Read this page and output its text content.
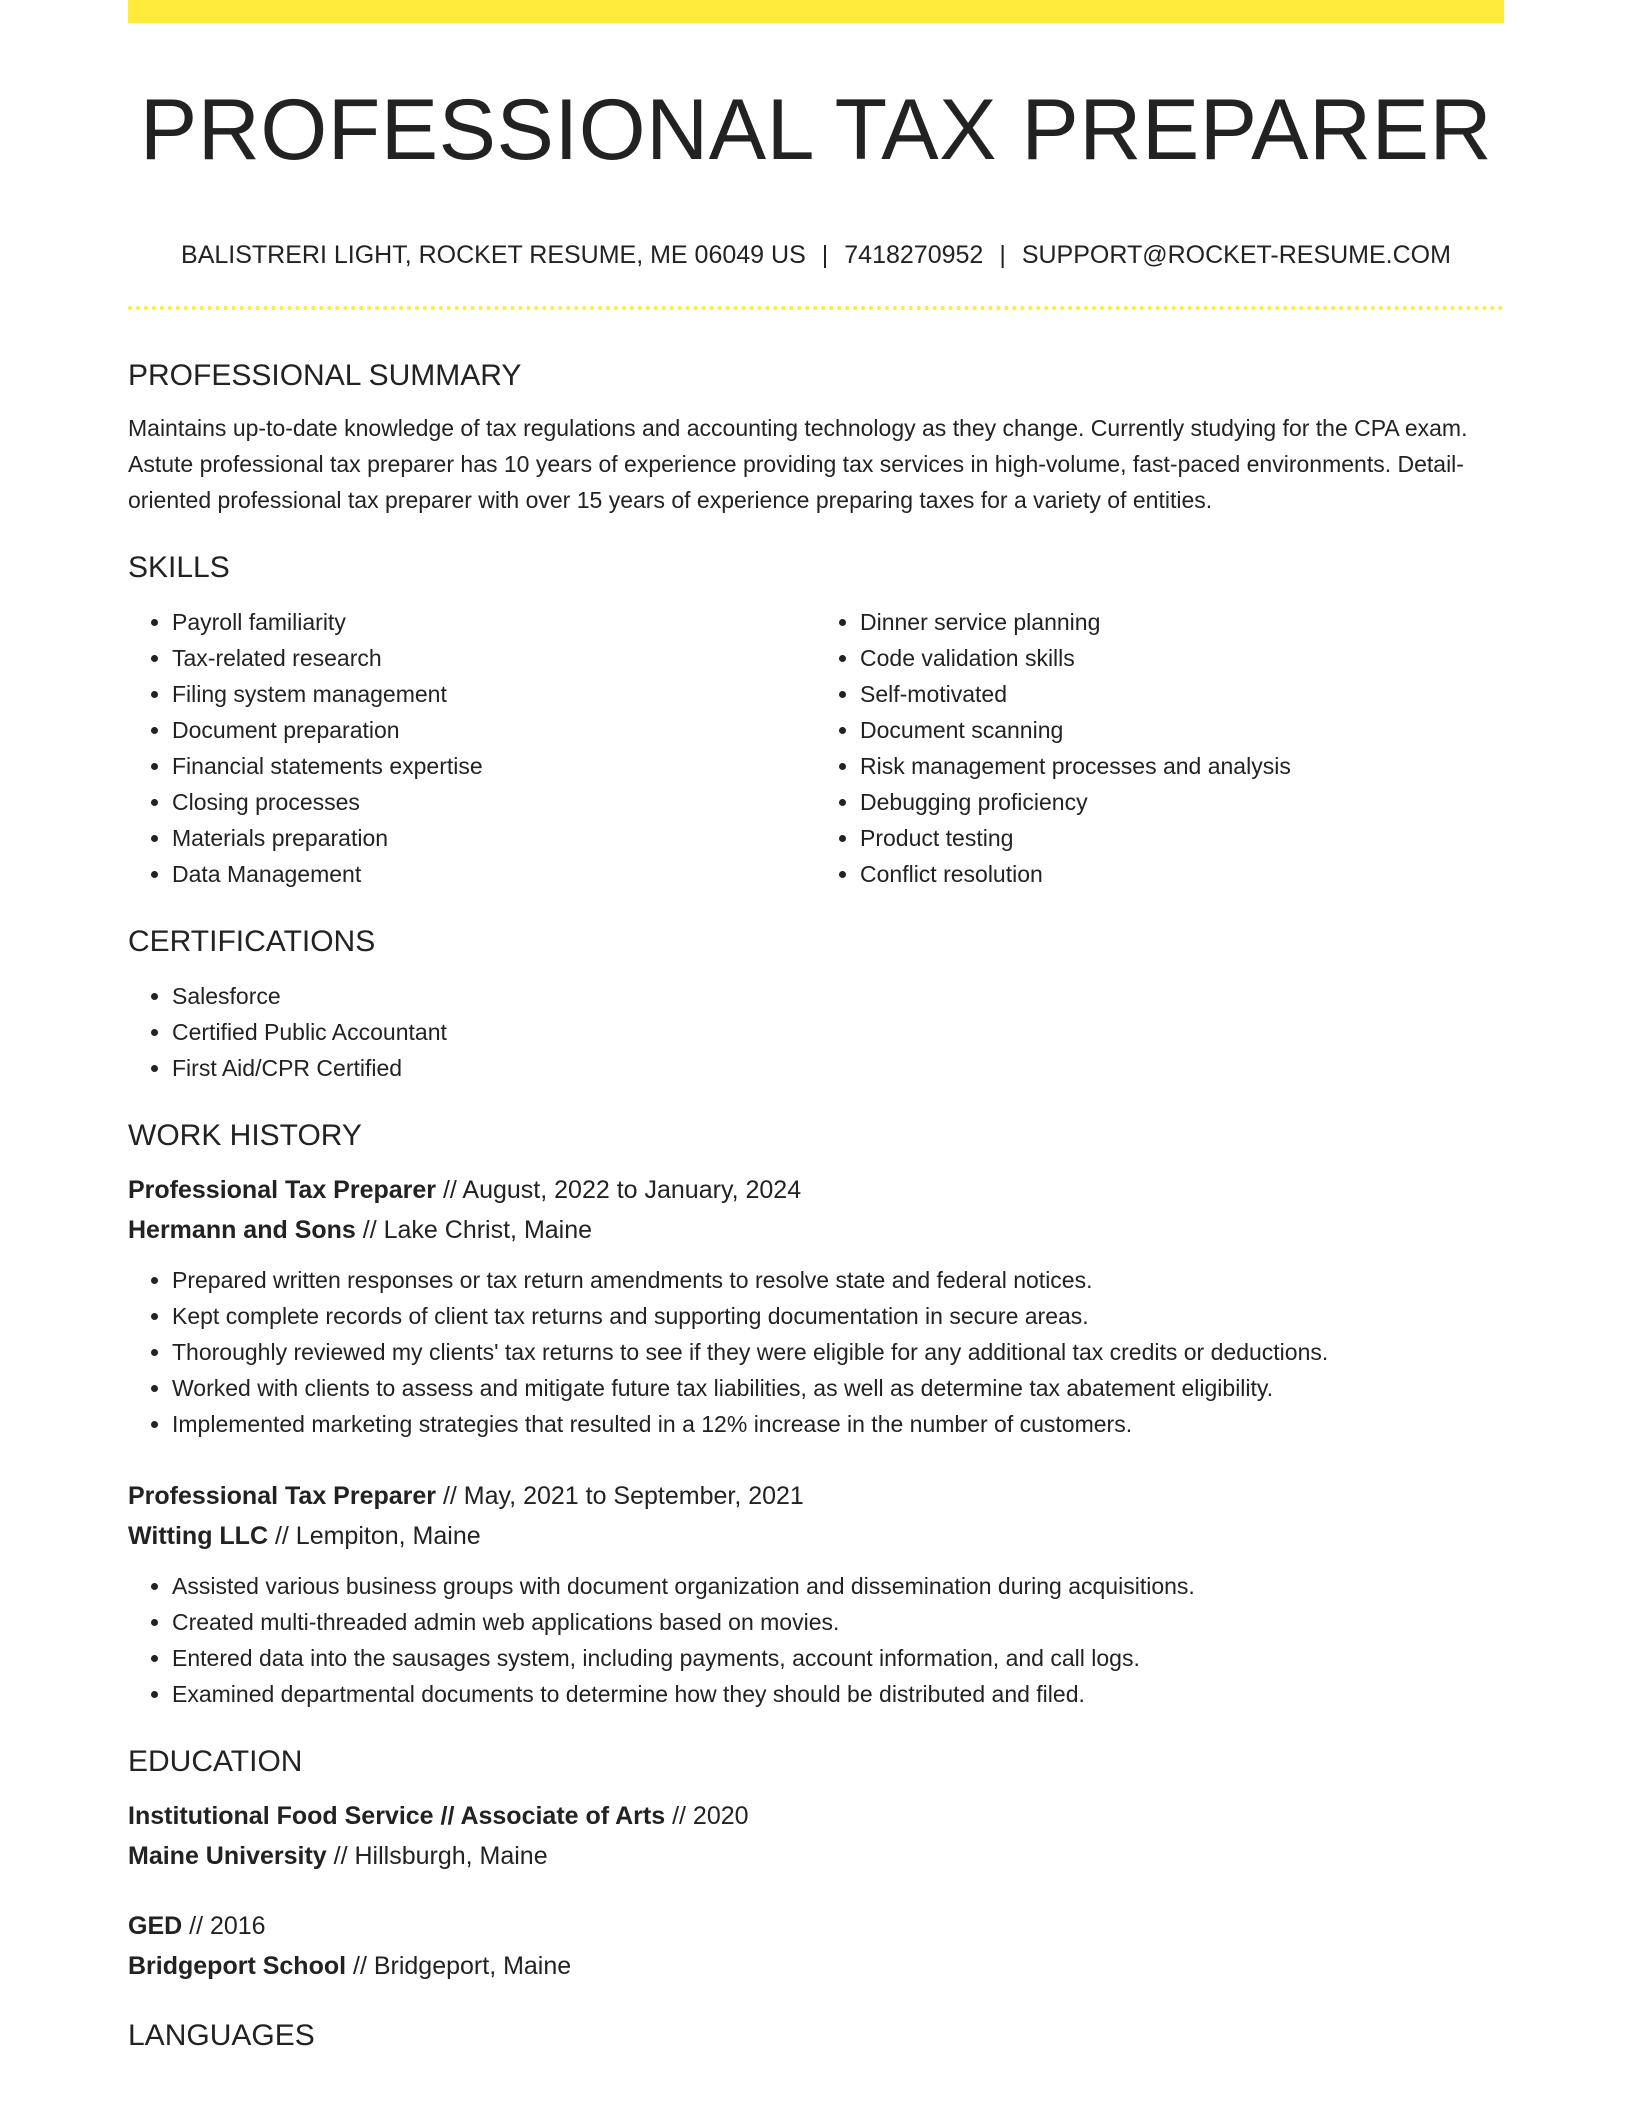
PROFESSIONAL TAX PREPARER
BALISTRERI LIGHT, ROCKET RESUME, ME 06049 US | 7418270952 | SUPPORT@ROCKET-RESUME.COM
PROFESSIONAL SUMMARY

Maintains up-to-date knowledge of tax regulations and accounting technology as they change. Currently studying for the CPA exam. Astute professional tax preparer has 10 years of experience providing tax services in high-volume, fast-paced environments. Detail-oriented professional tax preparer with over 15 years of experience preparing taxes for a variety of entities.

SKILLS
• Payroll familiarity
• Tax-related research
• Filing system management
• Document preparation
• Financial statements expertise
• Closing processes
• Materials preparation
• Data Management
• Dinner service planning
• Code validation skills
• Self-motivated
• Document scanning
• Risk management processes and analysis
• Debugging proficiency
• Product testing
• Conflict resolution
CERTIFICATIONS
• Salesforce
• Certified Public Accountant
• First Aid/CPR Certified
WORK HISTORY

Professional Tax Preparer // August, 2022 to January, 2024

Hermann and Sons // Lake Christ, Maine

• Prepared written responses or tax return amendments to resolve state and federal notices.
• Kept complete records of client tax returns and supporting documentation in secure areas.
• Thoroughly reviewed my clients' tax returns to see if they were eligible for any additional tax credits or deductions.
• Worked with clients to assess and mitigate future tax liabilities, as well as determine tax abatement eligibility.
• Implemented marketing strategies that resulted in a 12% increase in the number of customers.

Professional Tax Preparer // May, 2021 to September, 2021

Witting LLC // Lempiton, Maine

• Assisted various business groups with document organization and dissemination during acquisitions.
• Created multi-threaded admin web applications based on movies.
• Entered data into the sausages system, including payments, account information, and call logs.
• Examined departmental documents to determine how they should be distributed and filed.
EDUCATION

Institutional Food Service // Associate of Arts // 2020

Maine University // Hillsburgh, Maine

GED // 2016

Bridgeport School // Bridgeport, Maine

LANGUAGES
